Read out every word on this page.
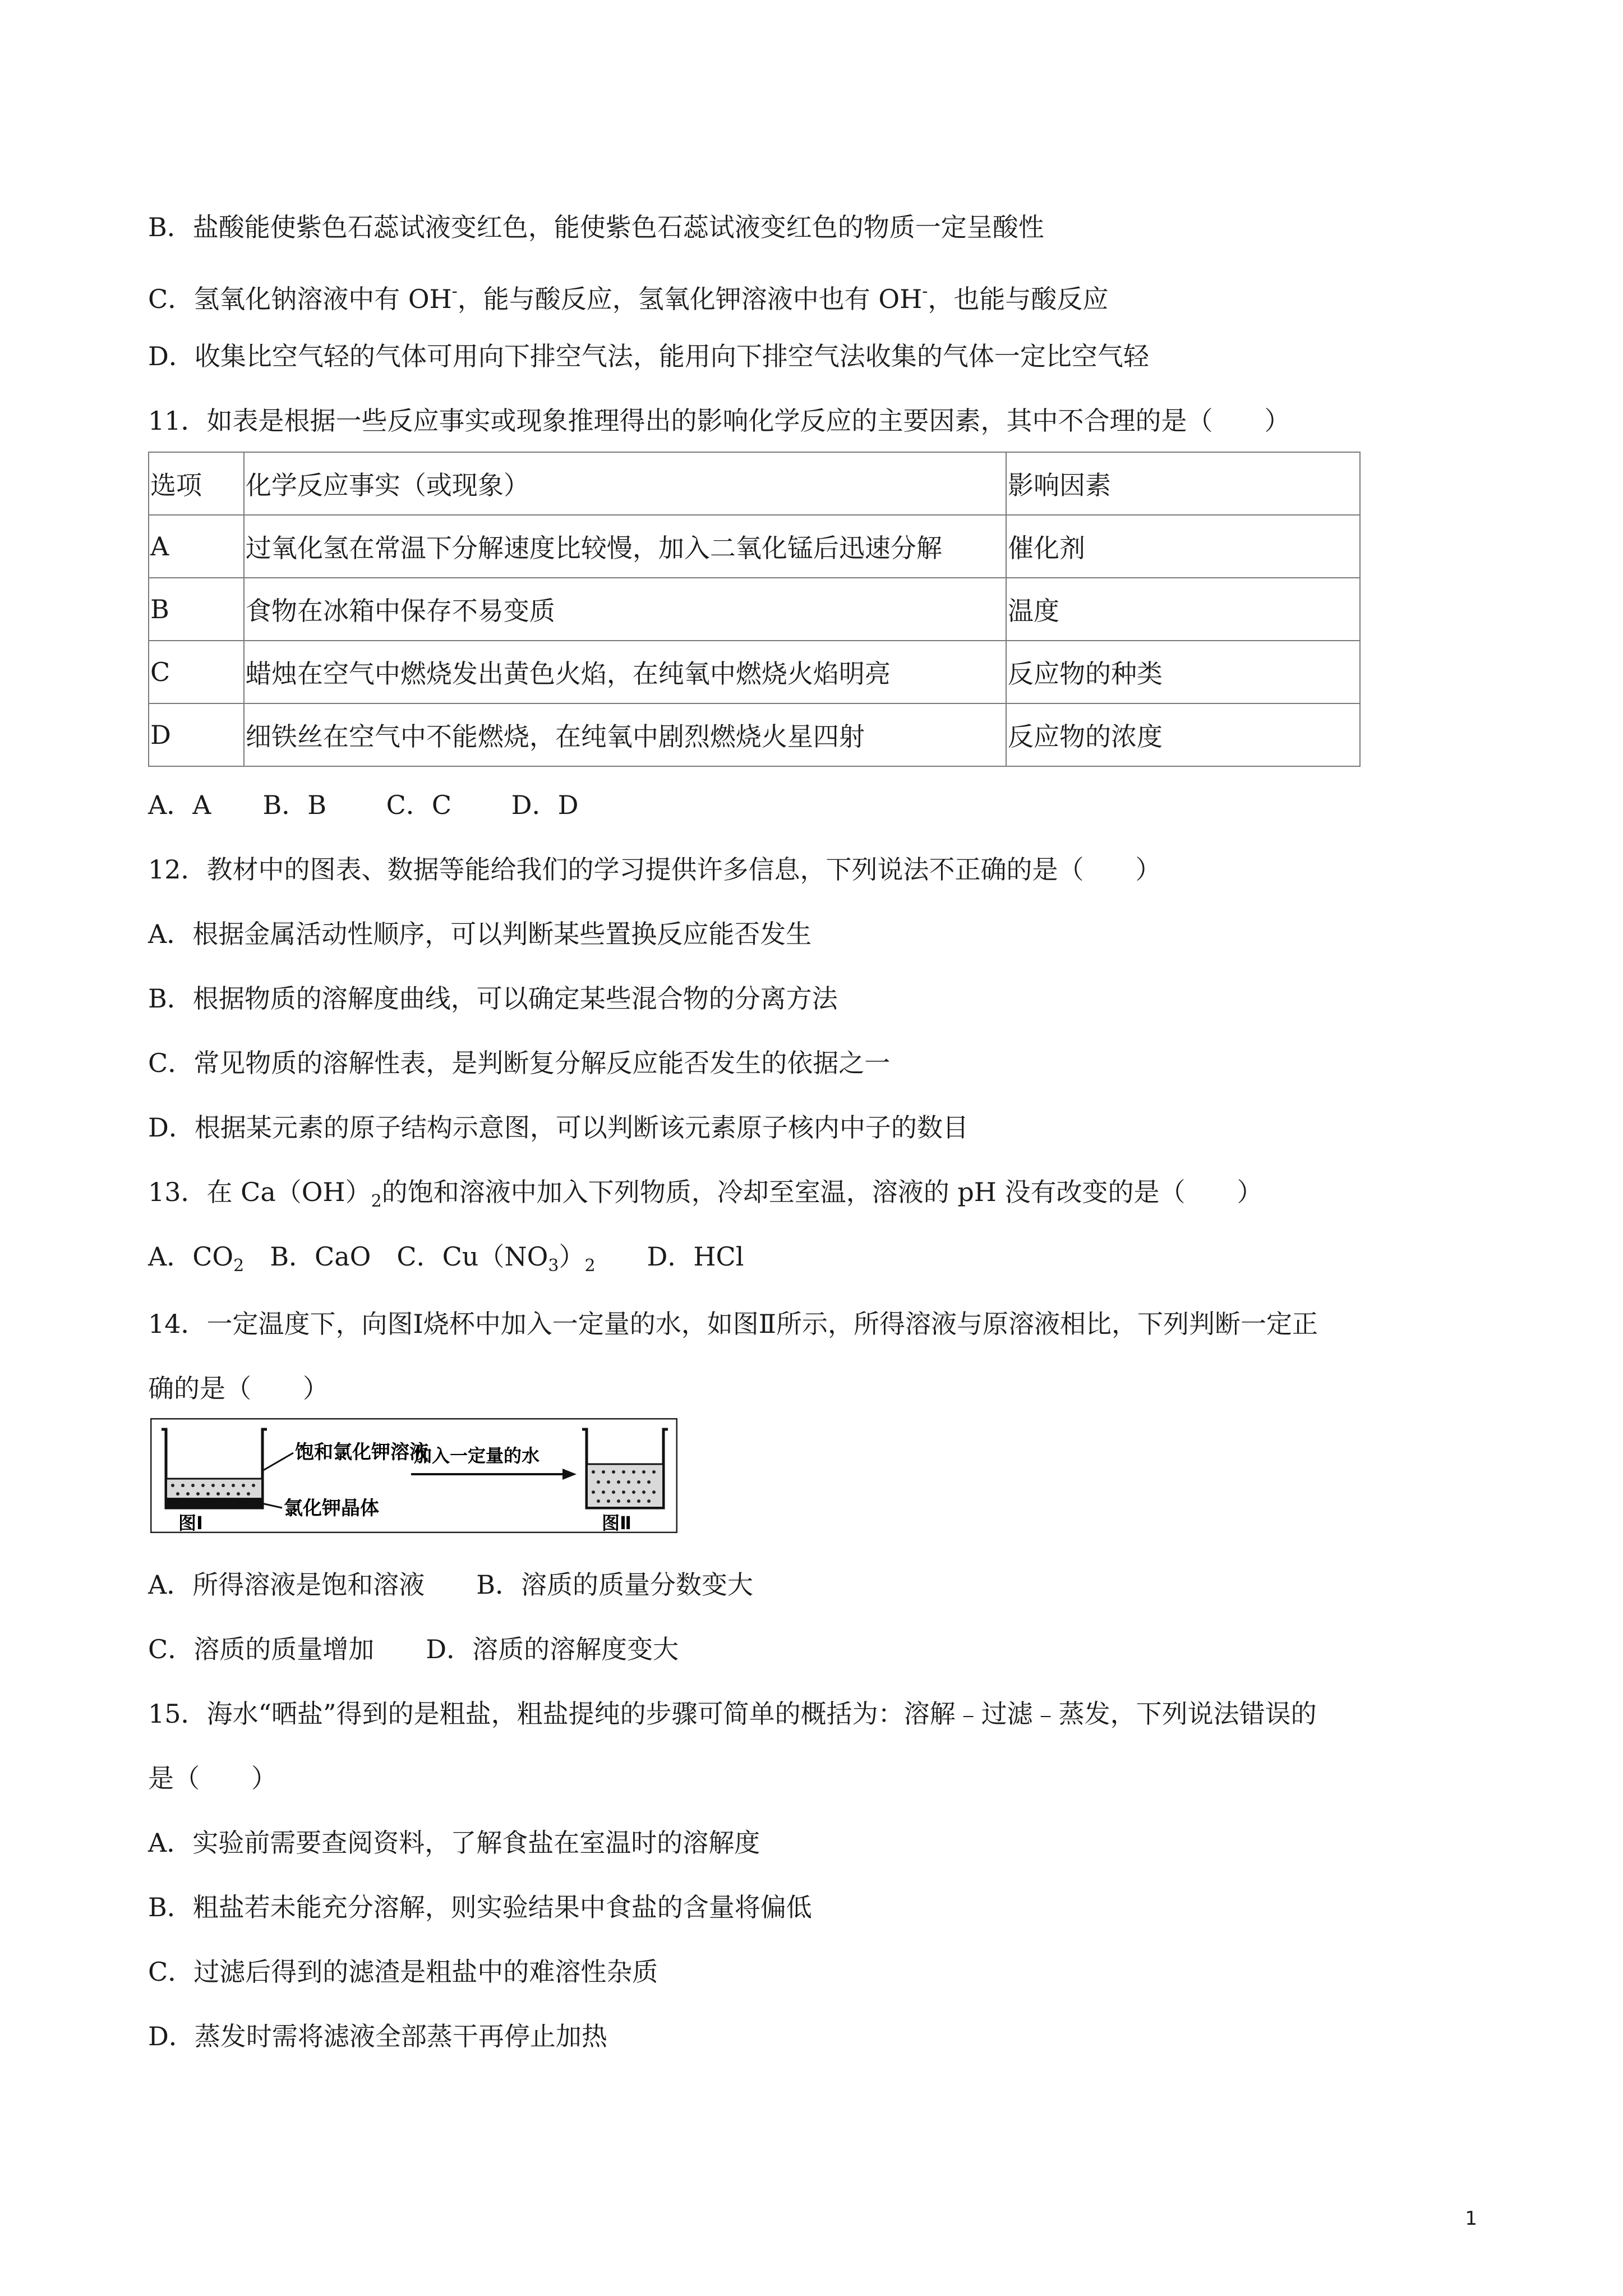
B．盐酸能使紫色石蕊试液变红色，能使紫色石蕊试液变红色的物质一定呈酸性
C．氢氧化钠溶液中有 OH-，能与酸反应，氢氧化钾溶液中也有 OH-，也能与酸反应
D．收集比空气轻的气体可用向下排空气法，能用向下排空气法收集的气体一定比空气轻
11．如表是根据一些反应事实或现象推理得出的影响化学反应的主要因素，其中不合理的是（　　）
选项	化学反应事实（或现象）	影响因素
A	过氧化氢在常温下分解速度比较慢，加入二氧化锰后迅速分解	催化剂
B	食物在冰箱中保存不易变质	温度
C	蜡烛在空气中燃烧发出黄色火焰，在纯氧中燃烧火焰明亮	反应物的种类
D	细铁丝在空气中不能燃烧，在纯氧中剧烈燃烧火星四射	反应物的浓度
A．A　　B．B　　 C．C　　 D．D
12．教材中的图表、数据等能给我们的学习提供许多信息，下列说法不正确的是（　　）
A．根据金属活动性顺序，可以判断某些置换反应能否发生
B．根据物质的溶解度曲线，可以确定某些混合物的分离方法
C．常见物质的溶解性表，是判断复分解反应能否发生的依据之一
D．根据某元素的原子结构示意图，可以判断该元素原子核内中子的数目
13．在 $Ca(OH)_2$的饱和溶液中加入下列物质，冷却至室温，溶液的 pH 没有改变的是（　　）
A．$CO_2$　B．CaO　C．$Cu(NO_3)_2$　　D．HCl
14．一定温度下，向图Ⅰ烧杯中加入一定量的水，如图Ⅱ所示，所得溶液与原溶液相比，下列判断一定正
确的是（　　）
饱和氯化钾溶液
氯化钾晶体
加入一定量的水
图Ⅰ	图Ⅱ
A．所得溶液是饱和溶液　　B．溶质的质量分数变大
C．溶质的质量增加　　D．溶质的溶解度变大
15．海水“晒盐”得到的是粗盐，粗盐提纯的步骤可简单的概括为：溶解﹣过滤﹣蒸发，下列说法错误的
是（　　）
A．实验前需要查阅资料，了解食盐在室温时的溶解度
B．粗盐若未能充分溶解，则实验结果中食盐的含量将偏低
C．过滤后得到的滤渣是粗盐中的难溶性杂质
D．蒸发时需将滤液全部蒸干再停止加热
1
